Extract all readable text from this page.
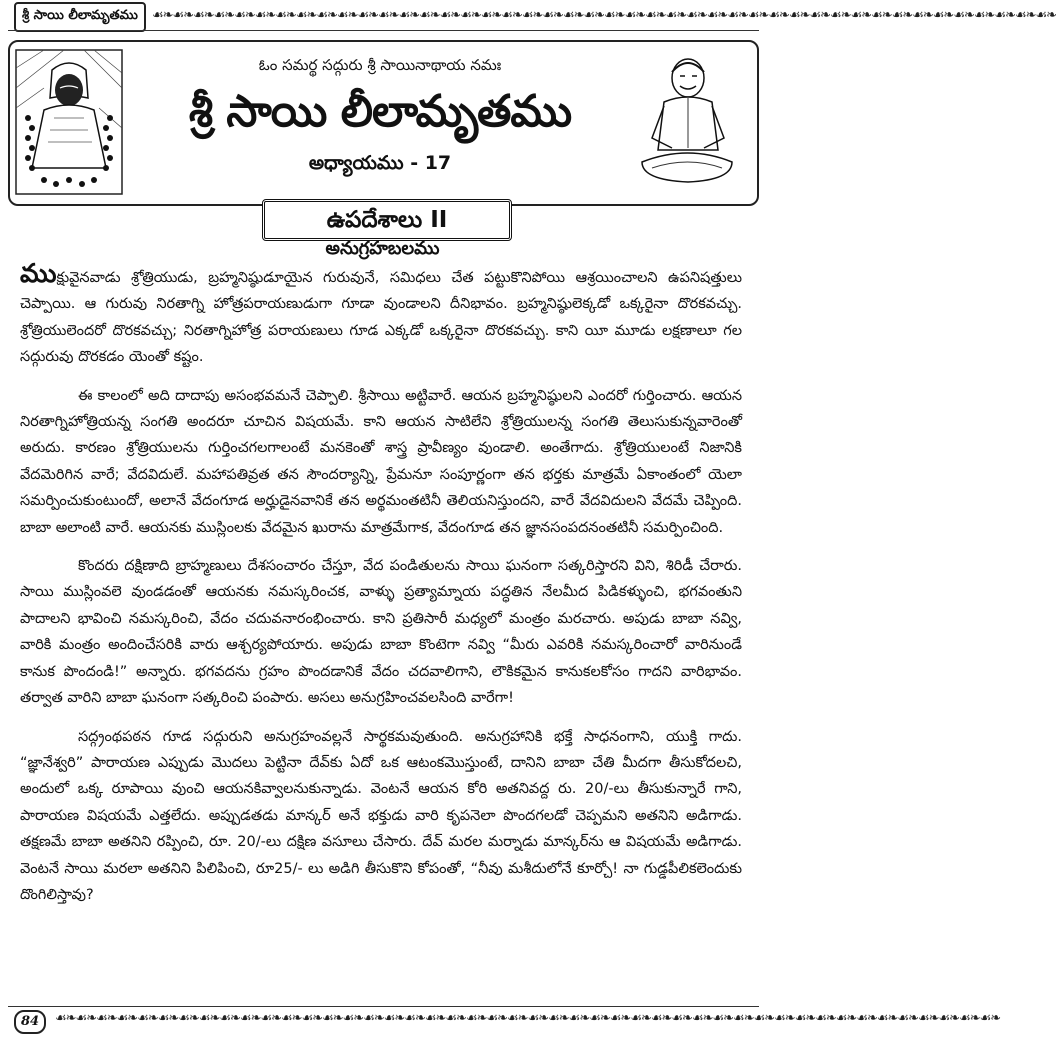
శ్రీ సాయి లీలామృతము	☙❧☙❧☙❧☙❧☙❧☙❧☙❧☙❧☙❧☙❧☙❧☙❧☙❧☙❧☙❧☙❧☙❧☙❧☙❧☙❧☙❧☙❧☙❧☙❧☙❧☙❧☙❧☙❧☙❧☙❧☙❧☙❧☙❧☙❧☙❧☙❧☙❧☙❧☙❧☙❧☙❧☙❧☙❧☙❧
ఓం సమర్థ సద్గురు శ్రీ సాయినాథాయ నమః
శ్రీ సాయి లీలామృతము
అధ్యాయము - 17
ఉపదేశాలు II
అనుగ్రహబలము

ముక్షువైనవాడు శ్రోత్రియుడు, బ్రహ్మనిష్ఠుడూయైన గురువునే, సమిధలు చేత పట్టుకొనిపోయి ఆశ్రయించాలని ఉపనిషత్తులు చెప్పాయి. ఆ గురువు నిరతాగ్ని హోత్రపరాయణుడుగా గూడా వుండాలని దీనిభావం. బ్రహ్మనిష్ఠులెక్కడో ఒక్కరైనా దొరకవచ్చు. శ్రోత్రియులెందరో దొరకవచ్చు; నిరతాగ్నిహోత్ర పరాయణులు గూడ ఎక్కడో ఒక్కరైనా దొరకవచ్చు. కాని యీ మూడు లక్షణాలూ గల సద్గురువు దొరకడం యెంతో కష్టం.

ఈ కాలంలో అది దాదాపు అసంభవమనే చెప్పాలి. శ్రీసాయి అట్టివారే. ఆయన బ్రహ్మనిష్ఠులని ఎందరో గుర్తించారు. ఆయన నిరతాగ్నిహోత్రియన్న సంగతి అందరూ చూచిన విషయమే. కాని ఆయన సాటిలేని శ్రోత్రియులన్న సంగతి తెలుసుకున్నవారెంతో అరుదు. కారణం శ్రోత్రియులను గుర్తించగలగాలంటే మనకెంతో శాస్త్ర ప్రావీణ్యం వుండాలి. అంతేగాదు. శ్రోత్రియులంటే నిజానికి వేదమెరిగిన వారే; వేదవిదులే. మహాపతివ్రత తన సౌందర్యాన్ని, ప్రేమనూ సంపూర్ణంగా తన భర్తకు మాత్రమే ఏకాంతంలో యెలా సమర్పించుకుంటుందో, అలానే వేదంగూడ అర్హుడైనవానికే తన అర్థమంతటినీ తెలియనిస్తుందని, వారే వేదవిదులని వేదమే చెప్పింది. బాబా అలాంటి వారే. ఆయనకు ముస్లింలకు వేదమైన ఖురాను మాత్రమేగాక, వేదంగూడ తన జ్ఞానసంపదనంతటినీ సమర్పించింది.

కొందరు దక్షిణాది బ్రాహ్మణులు దేశసంచారం చేస్తూ, వేద పండితులను సాయి ఘనంగా సత్కరిస్తారని విని, శిరిడీ చేరారు. సాయి ముస్లింవలె వుండడంతో ఆయనకు నమస్కరించక, వాళ్ళు ప్రత్యామ్నాయ పద్ధతిన నేలమీద పిడికళ్ళుంచి, భగవంతుని పాదాలని భావించి నమస్కరించి, వేదం చదువనారంభించారు. కాని ప్రతిసారీ మధ్యలో మంత్రం మరచారు. అపుడు బాబా నవ్వి, వారికి మంత్రం అందించేసరికి వారు ఆశ్చర్యపోయారు. అపుడు బాబా కొంటెగా నవ్వి “మీరు ఎవరికి నమస్కరించారో వారినుండే కానుక పొందండి!” అన్నారు. భగవదను గ్రహం పొందడానికే వేదం చదవాలిగాని, లౌకికమైన కానుకలకోసం గాదని వారిభావం. తర్వాత వారిని బాబా ఘనంగా సత్కరించి పంపారు. అసలు అనుగ్రహించవలసింది వారేగా!

సద్గ్రంథపఠన గూడ సద్గురుని అనుగ్రహంవల్లనే సార్థకమవుతుంది. అనుగ్రహానికి భక్తే సాధనంగాని, యుక్తి గాదు. “జ్ఞానేశ్వరి” పారాయణ ఎప్పుడు మొదలు పెట్టినా దేవ్‌కు ఏదో ఒక ఆటంకమొస్తుంటే, దానిని బాబా చేతి మీదగా తీసుకోదలచి, అందులో ఒక్క రూపాయి వుంచి ఆయనకివ్వాలనుకున్నాడు. వెంటనే ఆయన కోరి అతనివద్ద రు. 20/-లు తీసుకున్నారే గాని, పారాయణ విషయమే ఎత్తలేదు. అప్పుడతడు మాన్కర్ అనే భక్తుడు వారి కృపనెలా పొందగలడో చెప్పమని అతనిని అడిగాడు. తక్షణమే బాబా అతనిని రప్పించి, రూ. 20/-లు దక్షిణ వసూలు చేసారు. దేవ్ మరల మర్నాడు మాన్కర్‌ను ఆ విషయమే అడిగాడు. వెంటనే సాయి మరలా అతనిని పిలిపించి, రూ25/- లు అడిగి తీసుకొని కోపంతో, “నీవు మశీదులోనే కూర్చో! నా గుడ్డపీలికలెందుకు దొంగిలిస్తావు?

84	☙❧☙❧☙❧☙❧☙❧☙❧☙❧☙❧☙❧☙❧☙❧☙❧☙❧☙❧☙❧☙❧☙❧☙❧☙❧☙❧☙❧☙❧☙❧☙❧☙❧☙❧☙❧☙❧☙❧☙❧☙❧☙❧☙❧☙❧☙❧☙❧☙❧☙❧☙❧☙❧☙❧☙❧☙❧☙❧☙❧☙❧
